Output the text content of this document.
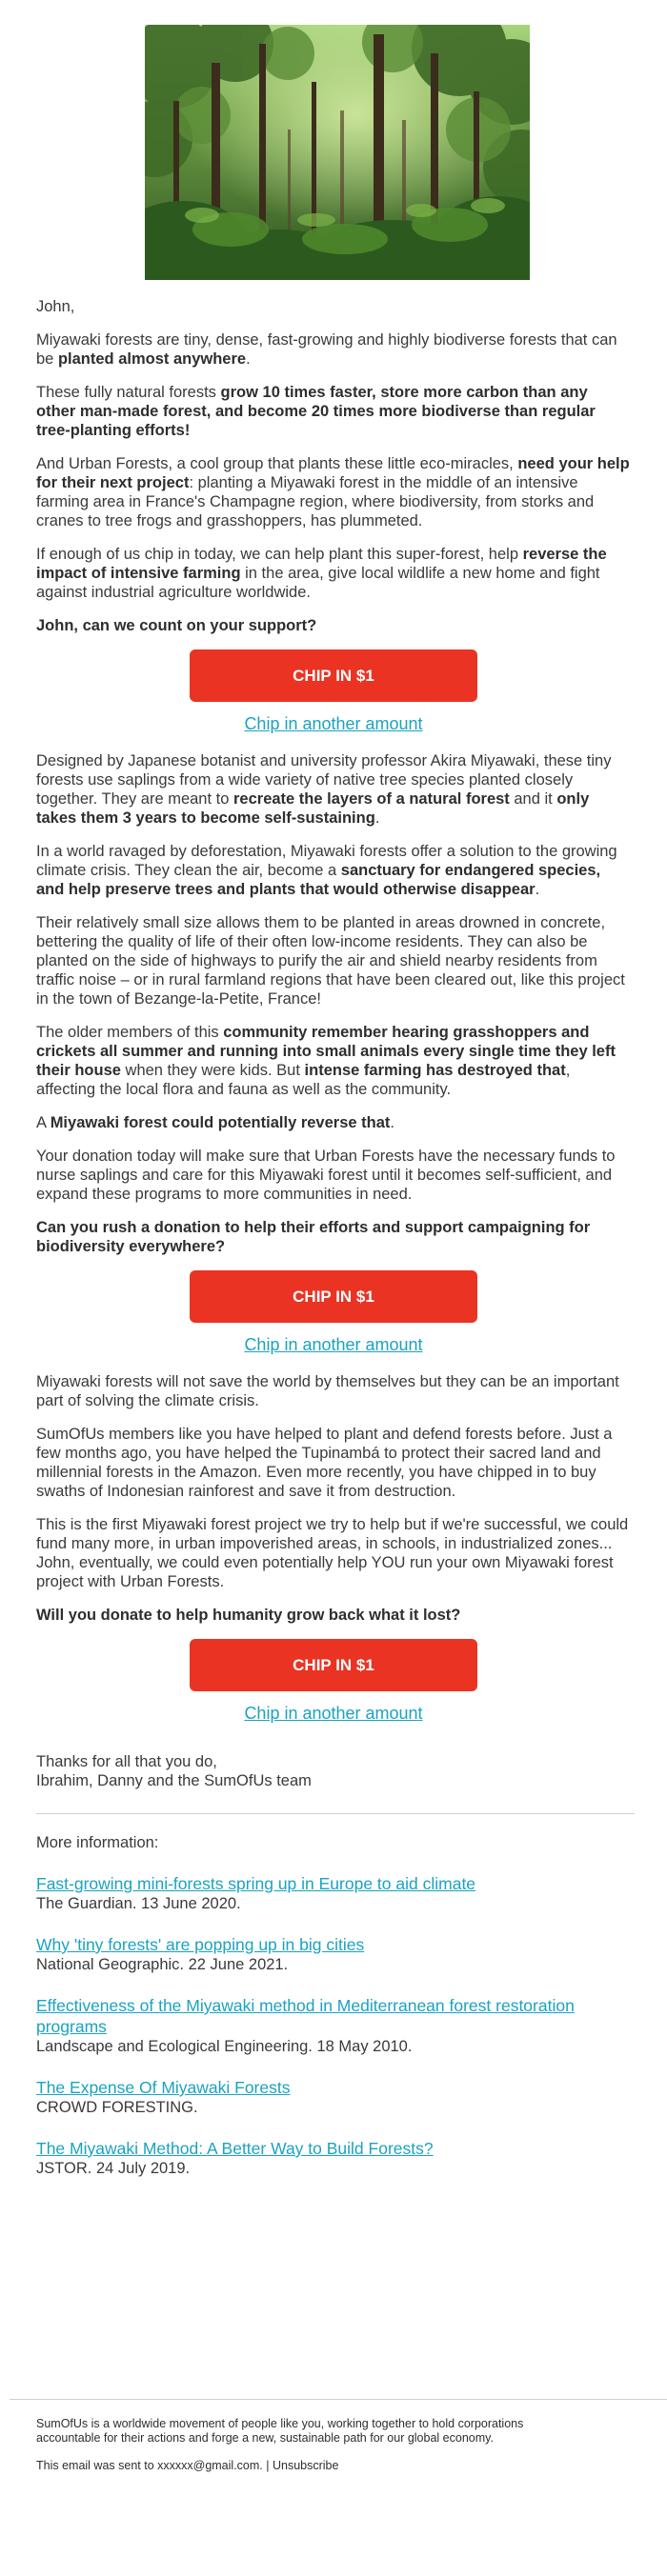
John,

Miyawaki forests are tiny, dense, fast-growing and highly biodiverse forests that can be planted almost anywhere.

These fully natural forests grow 10 times faster, store more carbon than any other man-made forest, and become 20 times more biodiverse than regular tree-planting efforts!

And Urban Forests, a cool group that plants these little eco-miracles, need your help for their next project: planting a Miyawaki forest in the middle of an intensive farming area in France's Champagne region, where biodiversity, from storks and cranes to tree frogs and grasshoppers, has plummeted.

If enough of us chip in today, we can help plant this super-forest, help reverse the impact of intensive farming in the area, give local wildlife a new home and fight against industrial agriculture worldwide.

John, can we count on your support?

CHIP IN $1
Chip in another amount

Designed by Japanese botanist and university professor Akira Miyawaki, these tiny forests use saplings from a wide variety of native tree species planted closely together. They are meant to recreate the layers of a natural forest and it only takes them 3 years to become self-sustaining.

In a world ravaged by deforestation, Miyawaki forests offer a solution to the growing climate crisis. They clean the air, become a sanctuary for endangered species, and help preserve trees and plants that would otherwise disappear.

Their relatively small size allows them to be planted in areas drowned in concrete, bettering the quality of life of their often low-income residents. They can also be planted on the side of highways to purify the air and shield nearby residents from traffic noise – or in rural farmland regions that have been cleared out, like this project in the town of Bezange-la-Petite, France!

The older members of this community remember hearing grasshoppers and crickets all summer and running into small animals every single time they left their house when they were kids. But intense farming has destroyed that, affecting the local flora and fauna as well as the community.

A Miyawaki forest could potentially reverse that.

Your donation today will make sure that Urban Forests have the necessary funds to nurse saplings and care for this Miyawaki forest until it becomes self-sufficient, and expand these programs to more communities in need.

Can you rush a donation to help their efforts and support campaigning for biodiversity everywhere?

CHIP IN $1
Chip in another amount

Miyawaki forests will not save the world by themselves but they can be an important part of solving the climate crisis.

SumOfUs members like you have helped to plant and defend forests before. Just a few months ago, you have helped the Tupinambá to protect their sacred land and millennial forests in the Amazon. Even more recently, you have chipped in to buy swaths of Indonesian rainforest and save it from destruction.

This is the first Miyawaki forest project we try to help but if we're successful, we could fund many more, in urban impoverished areas, in schools, in industrialized zones... John, eventually, we could even potentially help YOU run your own Miyawaki forest project with Urban Forests.

Will you donate to help humanity grow back what it lost?

CHIP IN $1
Chip in another amount

Thanks for all that you do,
Ibrahim, Danny and the SumOfUs team

More information:

Fast-growing mini-forests spring up in Europe to aid climate
The Guardian. 13 June 2020.
Why 'tiny forests' are popping up in big cities
National Geographic. 22 June 2021.
Effectiveness of the Miyawaki method in Mediterranean forest restoration programs
Landscape and Ecological Engineering. 18 May 2010.
The Expense Of Miyawaki Forests
CROWD FORESTING.
The Miyawaki Method: A Better Way to Build Forests?
JSTOR. 24 July 2019.

SumOfUs is a worldwide movement of people like you, working together to hold corporations accountable for their actions and forge a new, sustainable path for our global economy.

This email was sent to xxxxxx@gmail.com. | Unsubscribe
